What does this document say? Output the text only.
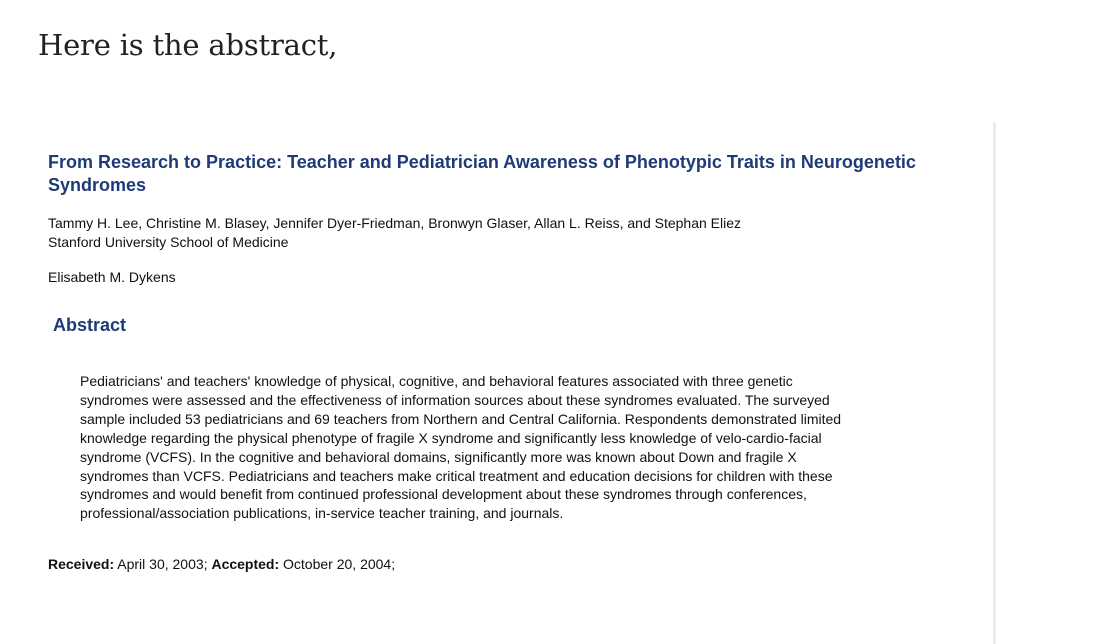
Here is the abstract,

From Research to Practice: Teacher and Pediatrician Awareness of Phenotypic Traits in Neurogenetic
Syndromes
Tammy H. Lee, Christine M. Blasey, Jennifer Dyer-Friedman, Bronwyn Glaser, Allan L. Reiss, and Stephan Eliez
Stanford University School of Medicine
Elisabeth M. Dykens
Abstract

Pediatricians' and teachers' knowledge of physical, cognitive, and behavioral features associated with three genetic
syndromes were assessed and the effectiveness of information sources about these syndromes evaluated. The surveyed
sample included 53 pediatricians and 69 teachers from Northern and Central California. Respondents demonstrated limited
knowledge regarding the physical phenotype of fragile X syndrome and significantly less knowledge of velo-cardio-facial
syndrome (VCFS). In the cognitive and behavioral domains, significantly more was known about Down and fragile X
syndromes than VCFS. Pediatricians and teachers make critical treatment and education decisions for children with these
syndromes and would benefit from continued professional development about these syndromes through conferences,
professional/association publications, in-service teacher training, and journals.

Received: April 30, 2003; Accepted: October 20, 2004;
